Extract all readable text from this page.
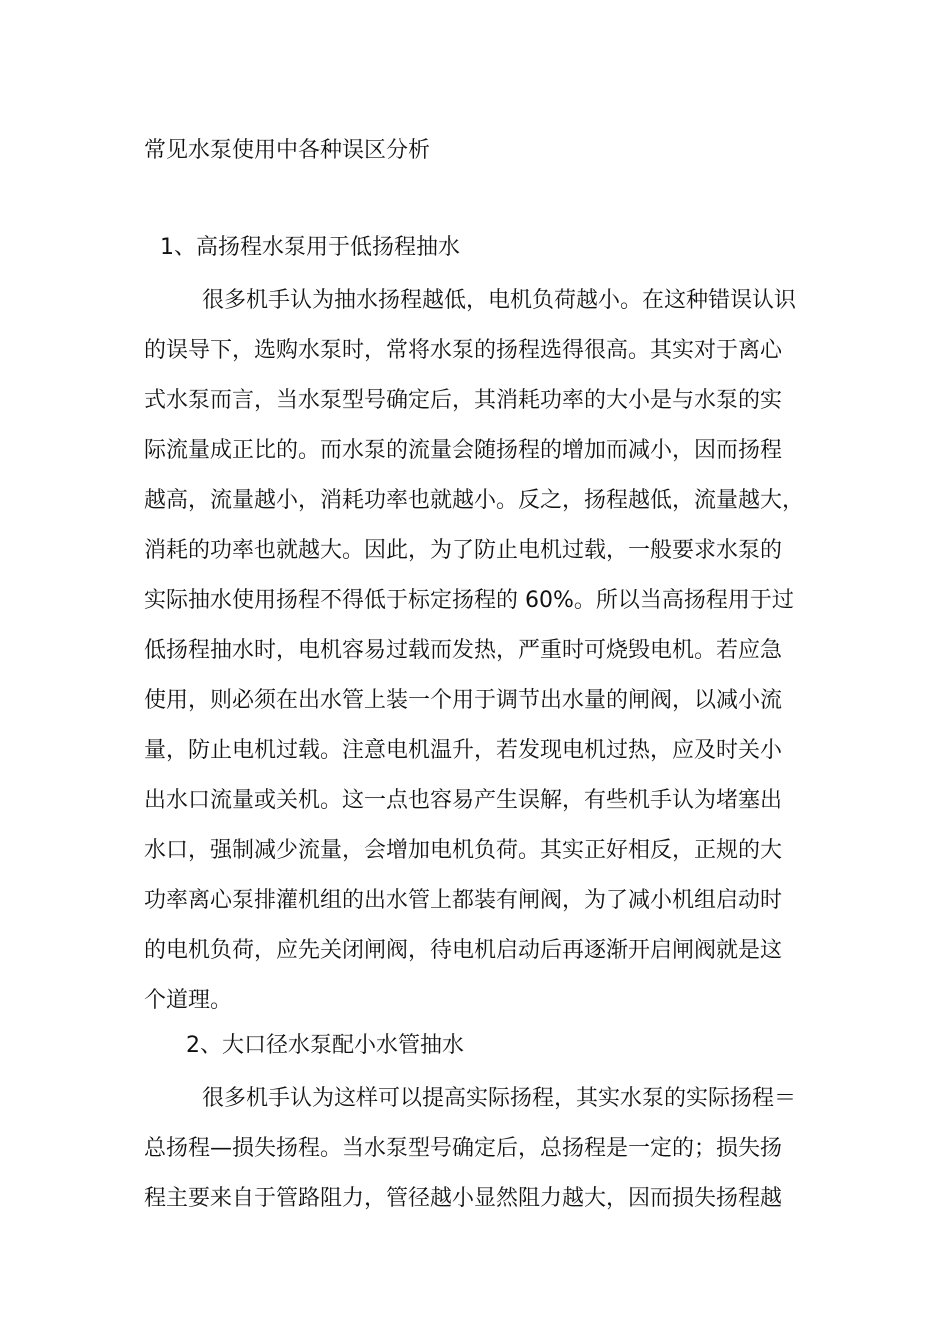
常见水泵使用中各种误区分析
1、高扬程水泵用于低扬程抽水
很多机手认为抽水扬程越低，电机负荷越小。在这种错误认识
的误导下，选购水泵时，常将水泵的扬程选得很高。其实对于离心
式水泵而言，当水泵型号确定后，其消耗功率的大小是与水泵的实
际流量成正比的。而水泵的流量会随扬程的增加而减小，因而扬程
越高，流量越小，消耗功率也就越小。反之，扬程越低，流量越大，
消耗的功率也就越大。因此，为了防止电机过载，一般要求水泵的
实际抽水使用扬程不得低于标定扬程的 60%。所以当高扬程用于过
低扬程抽水时，电机容易过载而发热，严重时可烧毁电机。若应急
使用，则必须在出水管上装一个用于调节出水量的闸阀，以减小流
量，防止电机过载。注意电机温升，若发现电机过热，应及时关小
出水口流量或关机。这一点也容易产生误解，有些机手认为堵塞出
水口，强制减少流量，会增加电机负荷。其实正好相反，正规的大
功率离心泵排灌机组的出水管上都装有闸阀，为了减小机组启动时
的电机负荷，应先关闭闸阀，待电机启动后再逐渐开启闸阀就是这
个道理。
2、大口径水泵配小水管抽水
很多机手认为这样可以提高实际扬程，其实水泵的实际扬程＝
总扬程—损失扬程。当水泵型号确定后，总扬程是一定的；损失扬
程主要来自于管路阻力，管径越小显然阻力越大，因而损失扬程越
